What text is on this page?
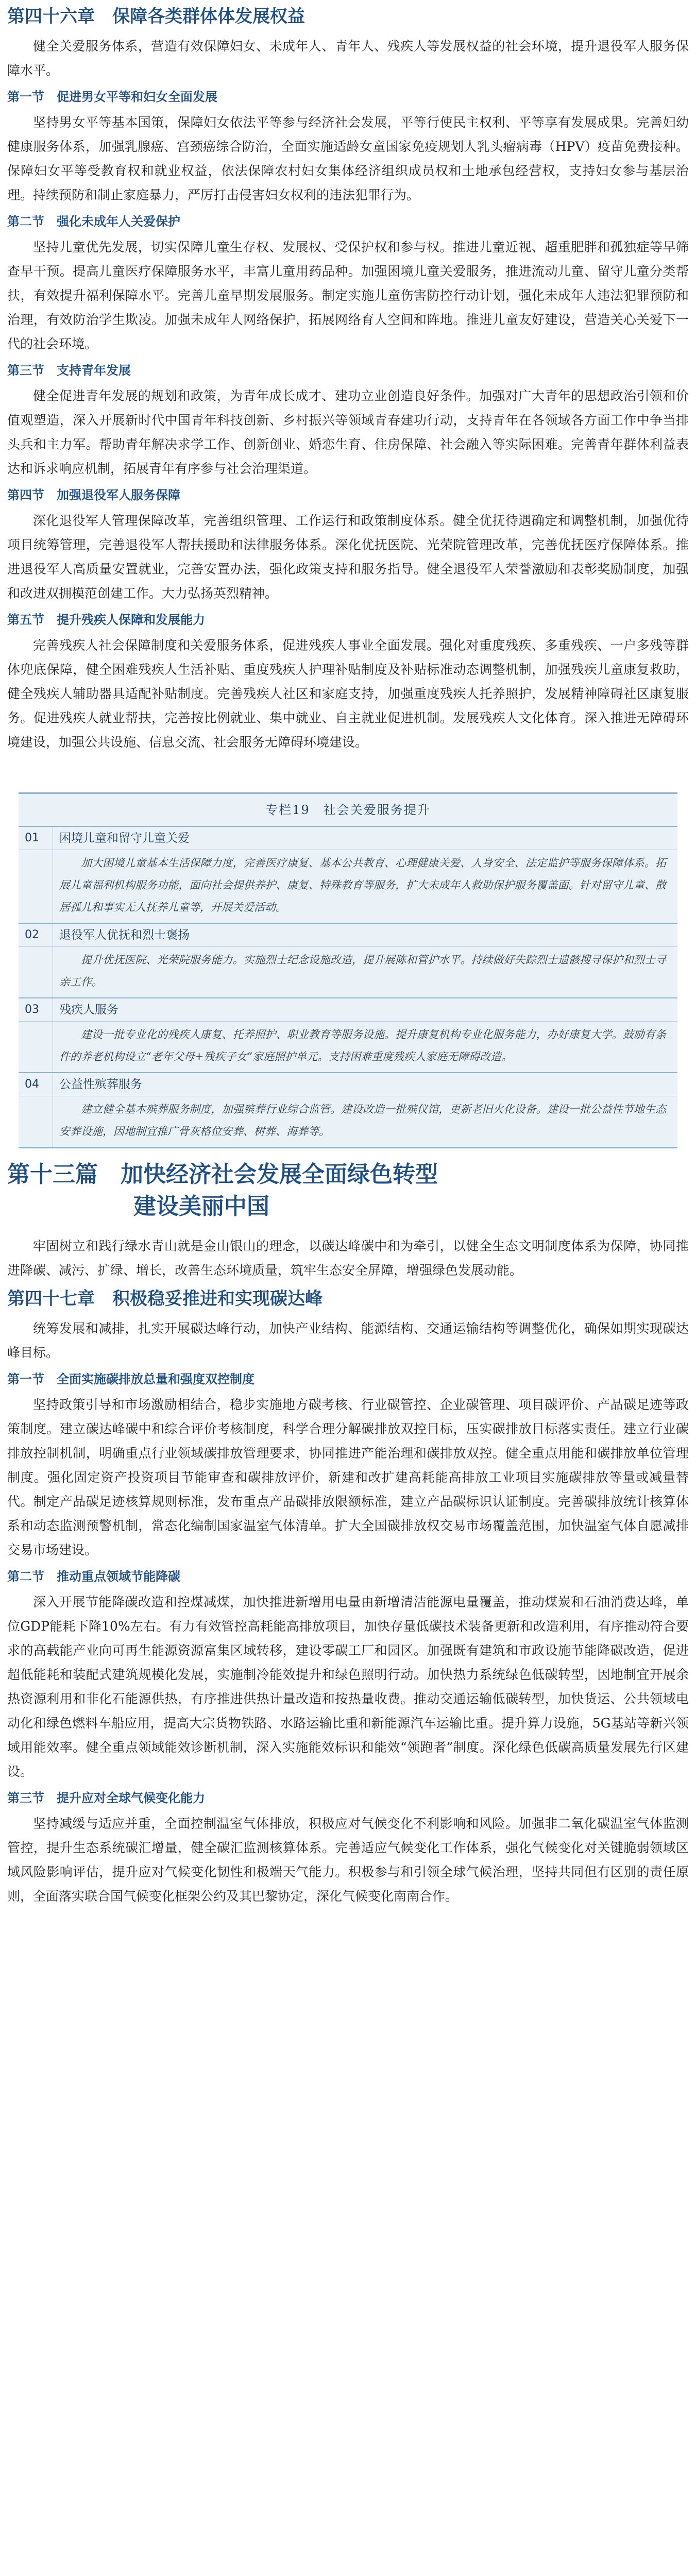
第四十六章　保障各类群体体发展权益

健全关爱服务体系，营造有效保障妇女、未成年人、青年人、残疾人等发展权益的社会环境，提升退役军人服务保障水平。

第一节　促进男女平等和妇女全面发展

坚持男女平等基本国策，保障妇女依法平等参与经济社会发展，平等行使民主权利、平等享有发展成果。完善妇幼健康服务体系，加强乳腺癌、宫颈癌综合防治，全面实施适龄女童国家免疫规划人乳头瘤病毒（HPV）疫苗免费接种。保障妇女平等受教育权和就业权益，依法保障农村妇女集体经济组织成员权和土地承包经营权，支持妇女参与基层治理。持续预防和制止家庭暴力，严厉打击侵害妇女权利的违法犯罪行为。

第二节　强化未成年人关爱保护

坚持儿童优先发展，切实保障儿童生存权、发展权、受保护权和参与权。推进儿童近视、超重肥胖和孤独症等早筛查早干预。提高儿童医疗保障服务水平，丰富儿童用药品种。加强困境儿童关爱服务，推进流动儿童、留守儿童分类帮扶，有效提升福利保障水平。完善儿童早期发展服务。制定实施儿童伤害防控行动计划，强化未成年人违法犯罪预防和治理，有效防治学生欺凌。加强未成年人网络保护，拓展网络育人空间和阵地。推进儿童友好建设，营造关心关爱下一代的社会环境。

第三节　支持青年发展

健全促进青年发展的规划和政策，为青年成长成才、建功立业创造良好条件。加强对广大青年的思想政治引领和价值观塑造，深入开展新时代中国青年科技创新、乡村振兴等领域青春建功行动，支持青年在各领域各方面工作中争当排头兵和主力军。帮助青年解决求学工作、创新创业、婚恋生育、住房保障、社会融入等实际困难。完善青年群体利益表达和诉求响应机制，拓展青年有序参与社会治理渠道。

第四节　加强退役军人服务保障

深化退役军人管理保障改革，完善组织管理、工作运行和政策制度体系。健全优抚待遇确定和调整机制，加强优待项目统筹管理，完善退役军人帮扶援助和法律服务体系。深化优抚医院、光荣院管理改革，完善优抚医疗保障体系。推进退役军人高质量安置就业，完善安置办法，强化政策支持和服务指导。健全退役军人荣誉激励和表彰奖励制度，加强和改进双拥模范创建工作。大力弘扬英烈精神。

第五节　提升残疾人保障和发展能力

完善残疾人社会保障制度和关爱服务体系，促进残疾人事业全面发展。强化对重度残疾、多重残疾、一户多残等群体兜底保障，健全困难残疾人生活补贴、重度残疾人护理补贴制度及补贴标准动态调整机制，加强残疾儿童康复救助，健全残疾人辅助器具适配补贴制度。完善残疾人社区和家庭支持，加强重度残疾人托养照护，发展精神障碍社区康复服务。促进残疾人就业帮扶，完善按比例就业、集中就业、自主就业促进机制。发展残疾人文化体育。深入推进无障碍环境建设，加强公共设施、信息交流、社会服务无障碍环境建设。

专栏19　社会关爱服务提升
01	困境儿童和留守儿童关爱

加大困境儿童基本生活保障力度，完善医疗康复、基本公共教育、心理健康关爱、人身安全、法定监护等服务保障体系。拓展儿童福利机构服务功能，面向社会提供养护、康复、特殊教育等服务，扩大未成年人救助保护服务覆盖面。针对留守儿童、散居孤儿和事实无人抚养儿童等，开展关爱活动。

02	退役军人优抚和烈士褒扬

提升优抚医院、光荣院服务能力。实施烈士纪念设施改造，提升展陈和管护水平。持续做好失踪烈士遗骸搜寻保护和烈士寻亲工作。

03	残疾人服务

建设一批专业化的残疾人康复、托养照护、职业教育等服务设施。提升康复机构专业化服务能力，办好康复大学。鼓励有条件的养老机构设立“老年父母+残疾子女”家庭照护单元。支持困难重度残疾人家庭无障碍改造。

04	公益性殡葬服务

建立健全基本殡葬服务制度，加强殡葬行业综合监管。建设改造一批殡仪馆，更新老旧火化设备。建设一批公益性节地生态安葬设施，因地制宜推广骨灰格位安葬、树葬、海葬等。

第十三篇　加快经济社会发展全面绿色转型
建设美丽中国

牢固树立和践行绿水青山就是金山银山的理念，以碳达峰碳中和为牵引，以健全生态文明制度体系为保障，协同推进降碳、减污、扩绿、增长，改善生态环境质量，筑牢生态安全屏障，增强绿色发展动能。

第四十七章　积极稳妥推进和实现碳达峰

统筹发展和减排，扎实开展碳达峰行动，加快产业结构、能源结构、交通运输结构等调整优化，确保如期实现碳达峰目标。

第一节　全面实施碳排放总量和强度双控制度

坚持政策引导和市场激励相结合，稳步实施地方碳考核、行业碳管控、企业碳管理、项目碳评价、产品碳足迹等政策制度。建立碳达峰碳中和综合评价考核制度，科学合理分解碳排放双控目标，压实碳排放目标落实责任。建立行业碳排放控制机制，明确重点行业领域碳排放管理要求，协同推进产能治理和碳排放双控。健全重点用能和碳排放单位管理制度。强化固定资产投资项目节能审查和碳排放评价，新建和改扩建高耗能高排放工业项目实施碳排放等量或减量替代。制定产品碳足迹核算规则标准，发布重点产品碳排放限额标准，建立产品碳标识认证制度。完善碳排放统计核算体系和动态监测预警机制，常态化编制国家温室气体清单。扩大全国碳排放权交易市场覆盖范围，加快温室气体自愿减排交易市场建设。

第二节　推动重点领域节能降碳

深入开展节能降碳改造和控煤减煤，加快推进新增用电量由新增清洁能源电量覆盖，推动煤炭和石油消费达峰，单位GDP能耗下降10%左右。有力有效管控高耗能高排放项目，加快存量低碳技术装备更新和改造利用，有序推动符合要求的高载能产业向可再生能源资源富集区域转移，建设零碳工厂和园区。加强既有建筑和市政设施节能降碳改造，促进超低能耗和装配式建筑规模化发展，实施制冷能效提升和绿色照明行动。加快热力系统绿色低碳转型，因地制宜开展余热资源利用和非化石能源供热，有序推进供热计量改造和按热量收费。推动交通运输低碳转型，加快货运、公共领域电动化和绿色燃料车船应用，提高大宗货物铁路、水路运输比重和新能源汽车运输比重。提升算力设施，5G基站等新兴领域用能效率。健全重点领域能效诊断机制，深入实施能效标识和能效“领跑者”制度。深化绿色低碳高质量发展先行区建设。

第三节　提升应对全球气候变化能力

坚持减缓与适应并重，全面控制温室气体排放，积极应对气候变化不利影响和风险。加强非二氧化碳温室气体监测管控，提升生态系统碳汇增量，健全碳汇监测核算体系。完善适应气候变化工作体系，强化气候变化对关键脆弱领域区域风险影响评估，提升应对气候变化韧性和极端天气能力。积极参与和引领全球气候治理，坚持共同但有区别的责任原则，全面落实联合国气候变化框架公约及其巴黎协定，深化气候变化南南合作。
